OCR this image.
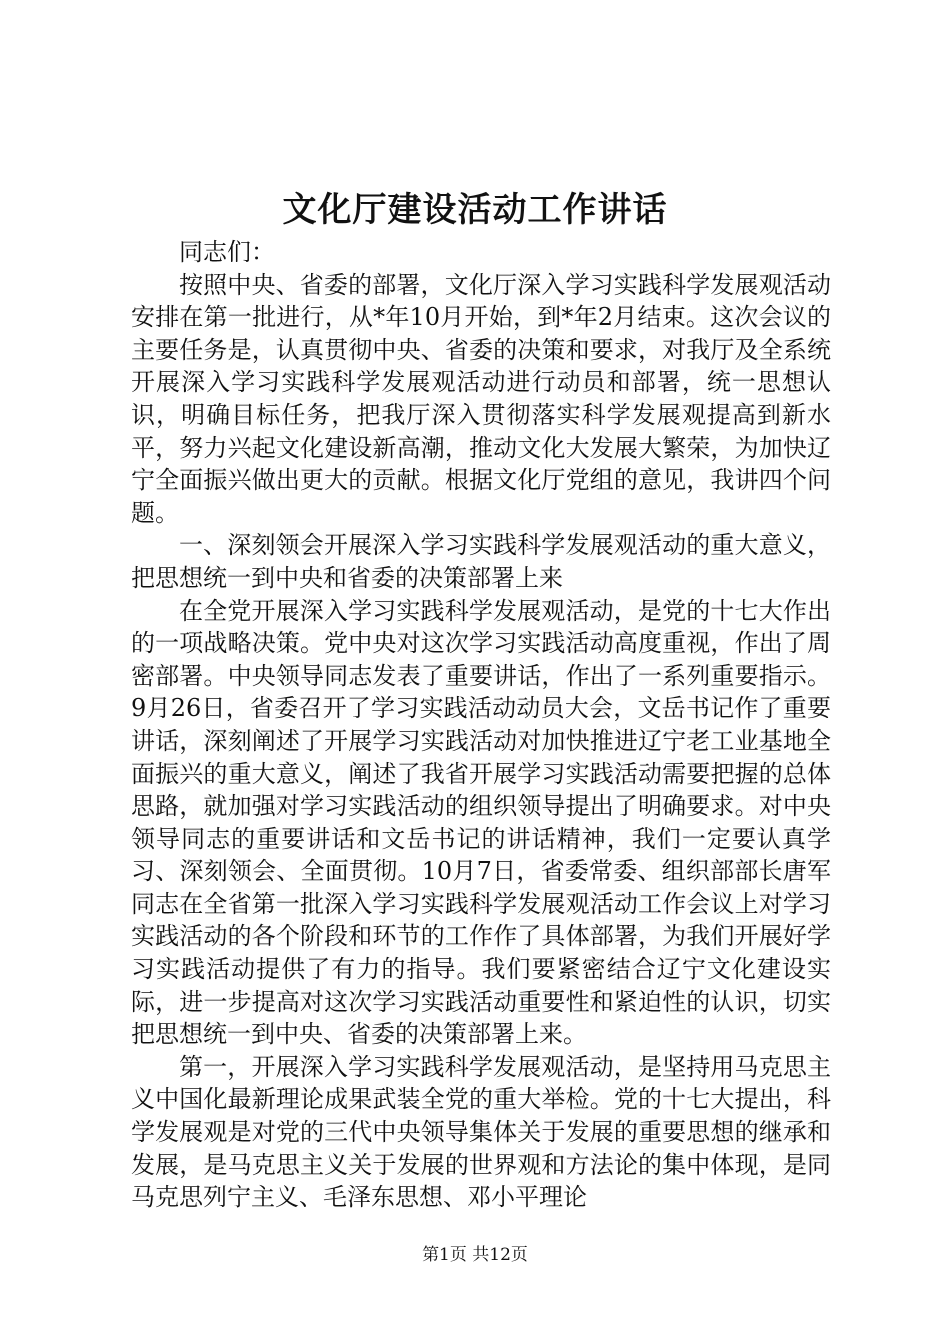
文化厅建设活动工作讲话

同志们：

按照中央、省委的部署，文化厅深入学习实践科学发展观活动安排在第一批进行，从*年10月开始，到*年2月结束。这次会议的主要任务是，认真贯彻中央、省委的决策和要求，对我厅及全系统开展深入学习实践科学发展观活动进行动员和部署，统一思想认识，明确目标任务，把我厅深入贯彻落实科学发展观提高到新水平，努力兴起文化建设新高潮，推动文化大发展大繁荣，为加快辽宁全面振兴做出更大的贡献。根据文化厅党组的意见，我讲四个问题。

一、深刻领会开展深入学习实践科学发展观活动的重大意义，把思想统一到中央和省委的决策部署上来

在全党开展深入学习实践科学发展观活动，是党的十七大作出的一项战略决策。党中央对这次学习实践活动高度重视，作出了周密部署。中央领导同志发表了重要讲话，作出了一系列重要指示。9月26日，省委召开了学习实践活动动员大会，文岳书记作了重要讲话，深刻阐述了开展学习实践活动对加快推进辽宁老工业基地全面振兴的重大意义，阐述了我省开展学习实践活动需要把握的总体思路，就加强对学习实践活动的组织领导提出了明确要求。对中央领导同志的重要讲话和文岳书记的讲话精神，我们一定要认真学习、深刻领会、全面贯彻。10月7日，省委常委、组织部部长唐军同志在全省第一批深入学习实践科学发展观活动工作会议上对学习实践活动的各个阶段和环节的工作作了具体部署，为我们开展好学习实践活动提供了有力的指导。我们要紧密结合辽宁文化建设实际，进一步提高对这次学习实践活动重要性和紧迫性的认识，切实把思想统一到中央、省委的决策部署上来。

第一，开展深入学习实践科学发展观活动，是坚持用马克思主义中国化最新理论成果武装全党的重大举检。党的十七大提出，科学发展观是对党的三代中央领导集体关于发展的重要思想的继承和发展，是马克思主义关于发展的世界观和方法论的集中体现，是同马克思列宁主义、毛泽东思想、邓小平理论

第1页 共12页
